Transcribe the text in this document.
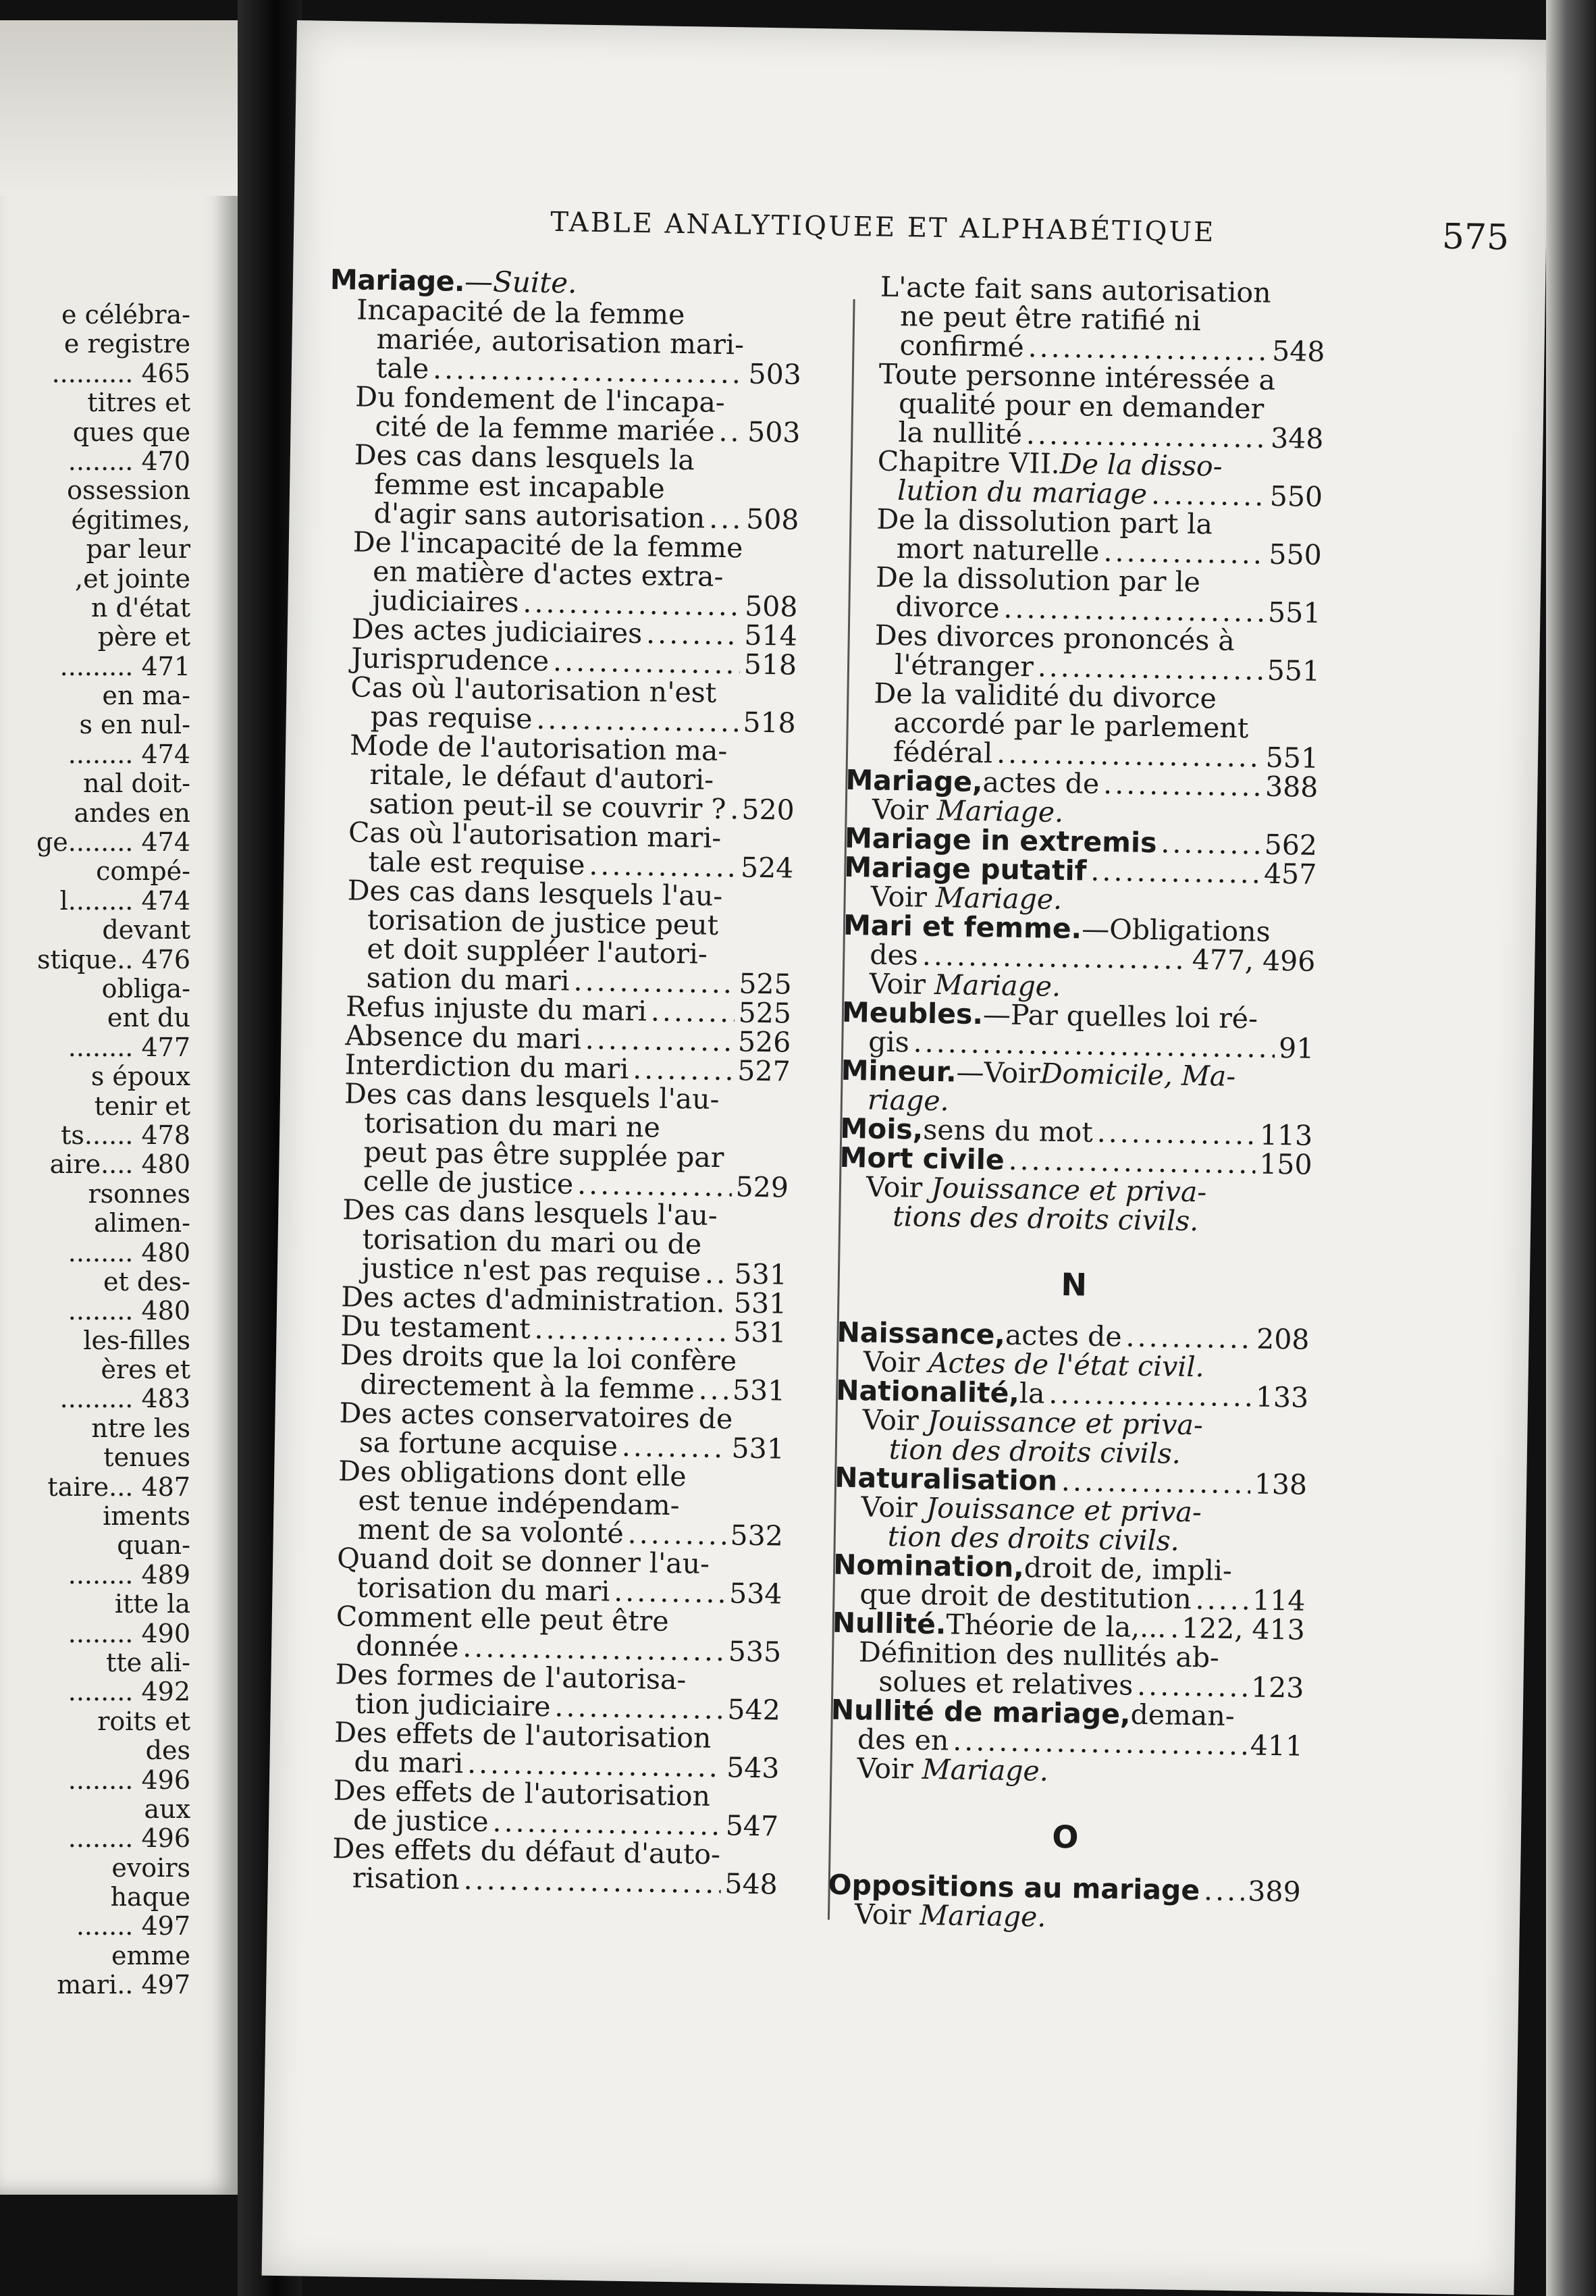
e célébra-
e registre
.......... 465
titres et
ques que
........ 470
ossession
égitimes,
par leur
,et jointe
n d'état
père et
......... 471
en ma-
s en nul-
........ 474
nal doit-
andes en
ge........ 474
compé-
l........ 474
devant
stique.. 476
obliga-
ent du
........ 477
s époux
tenir et
ts...... 478
aire.... 480
rsonnes
alimen-
........ 480
et des-
........ 480
les-filles
ères et
......... 483
ntre les
tenues
taire... 487
iments
quan-
........ 489
itte la
........ 490
tte ali-
........ 492
roits et
des
........ 496
aux
........ 496
evoirs
haque
....... 497
emme
mari.. 497
TABLE ANALYTIQUEE ET ALPHABÉTIQUE	575
Mariage.—Suite.
Incapacité de la femme
mariée, autorisation mari-
tale .....	503
Du fondement de l'incapa-
cité de la femme mariée ..... 503
Des cas dans lesquels la
femme est incapable
d'agir sans autorisation ..... 508
De l'incapacité de la femme
en matière d'actes extra-
judiciaires .....	508
Des actes judiciaires .....	514
Jurisprudence .....	518
Cas où l'autorisation n'est
pas requise .....	518
Mode de l'autorisation ma-
ritale, le défaut d'autori-
sation peut-il se couvrir ? ..... 520
Cas où l'autorisation mari-
tale est requise .....	524
Des cas dans lesquels l'au-
torisation de justice peut
et doit suppléer l'autori-
sation du mari .....	525
Refus injuste du mari .....	525
Absence du mari .....	526
Interdiction du mari .....	527
Des cas dans lesquels l'au-
torisation du mari ne
peut pas être supplée par
celle de justice .....	529
Des cas dans lesquels l'au-
torisation du mari ou de
justice n'est pas requise ..... 531
Des actes d'administration. ..... 531
Du testament .....	531
Des droits que la loi confère
directement à la femme ..... 531
Des actes conservatoires de
sa fortune acquise .....	531
Des obligations dont elle
est tenue indépendam-
ment de sa volonté .....	532
Quand doit se donner l'au-
torisation du mari .....	534
Comment elle peut être
donnée .....	535
Des formes de l'autorisa-
tion judiciaire .....	542
Des effets de l'autorisation
du mari .....	543
Des effets de l'autorisation
de justice .....	547
Des effets du défaut d'auto-
risation .....	548
L'acte fait sans autorisation
ne peut être ratifié ni
confirmé .....	548
Toute personne intéressée a
qualité pour en demander
la nullité .....	348
Chapitre VII. De la disso-
lution du mariage .....	550
De la dissolution part la
mort naturelle .....	550
De la dissolution par le
divorce .....	551
Des divorces prononcés à
l'étranger .....	551
De la validité du divorce
accordé par le parlement
fédéral .....	551
Mariage, actes de .....	388
Voir Mariage.
Mariage in extremis .....	562
Mariage putatif .....	457
Voir Mariage.
Mari et femme. —Obligations
des .....	477, 496
Voir Mariage.
Meubles. —Par quelles loi ré-
gis .....	91
Mineur. —Voir Domicile, Ma-
riage.
Mois, sens du mot .....	113
Mort civile .....	150
Voir Jouissance et priva-
tions des droits civils.
N
Naissance, actes de .....	208
Voir Actes de l'état civil.
Nationalité, la .....	133
Voir Jouissance et priva-
tion des droits civils.
Naturalisation .....	138
Voir Jouissance et priva-
tion des droits civils.
Nomination, droit de, impli-
que droit de destitution ..... 114
Nullité. Théorie de la,... ..... 122, 413
Définition des nullités ab-
solues et relatives .....	123
Nullité de mariage, deman-
des en .....	411
Voir Mariage.
O
Oppositions au mariage ..... 389
Voir Mariage.
